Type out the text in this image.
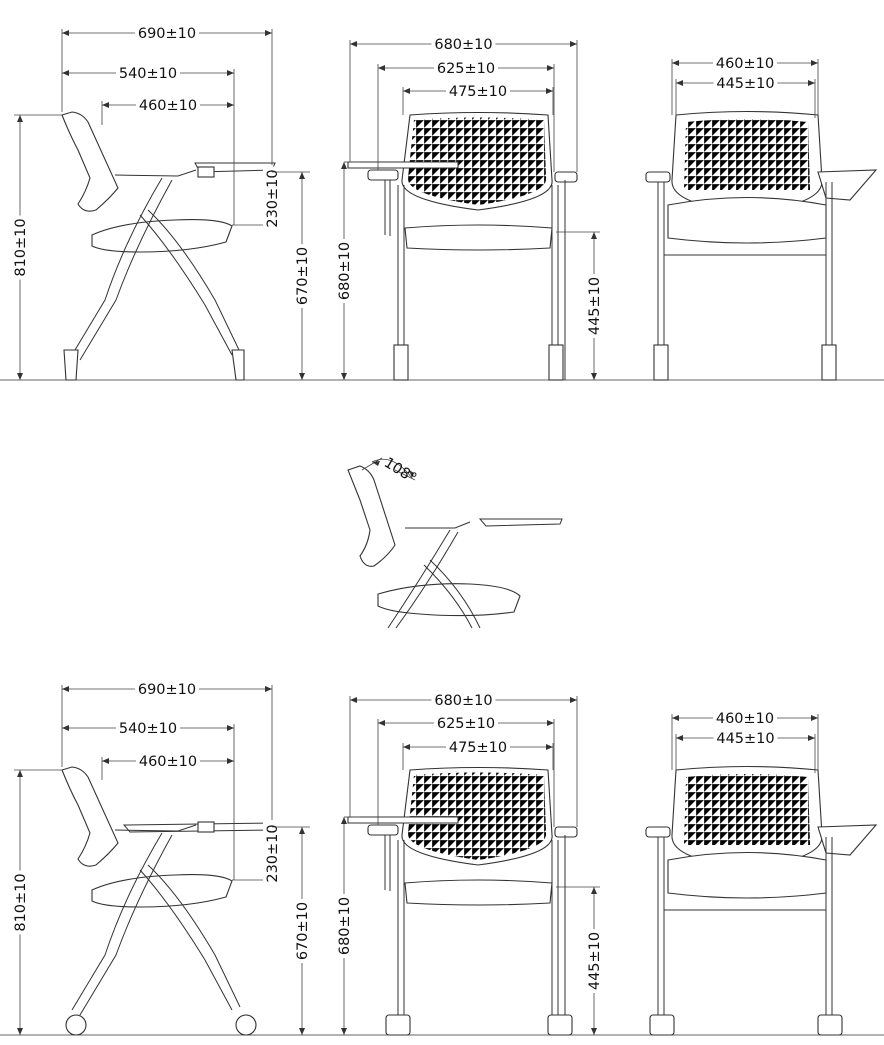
690±10
540±10
460±10
810±10
230±10
670±10
680±10
625±10
475±10
680±10
445±10
460±10
445±10
690±10
540±10
460±10
810±10
230±10
670±10
680±10
625±10
475±10
680±10
445±10
460±10
445±10
108°
